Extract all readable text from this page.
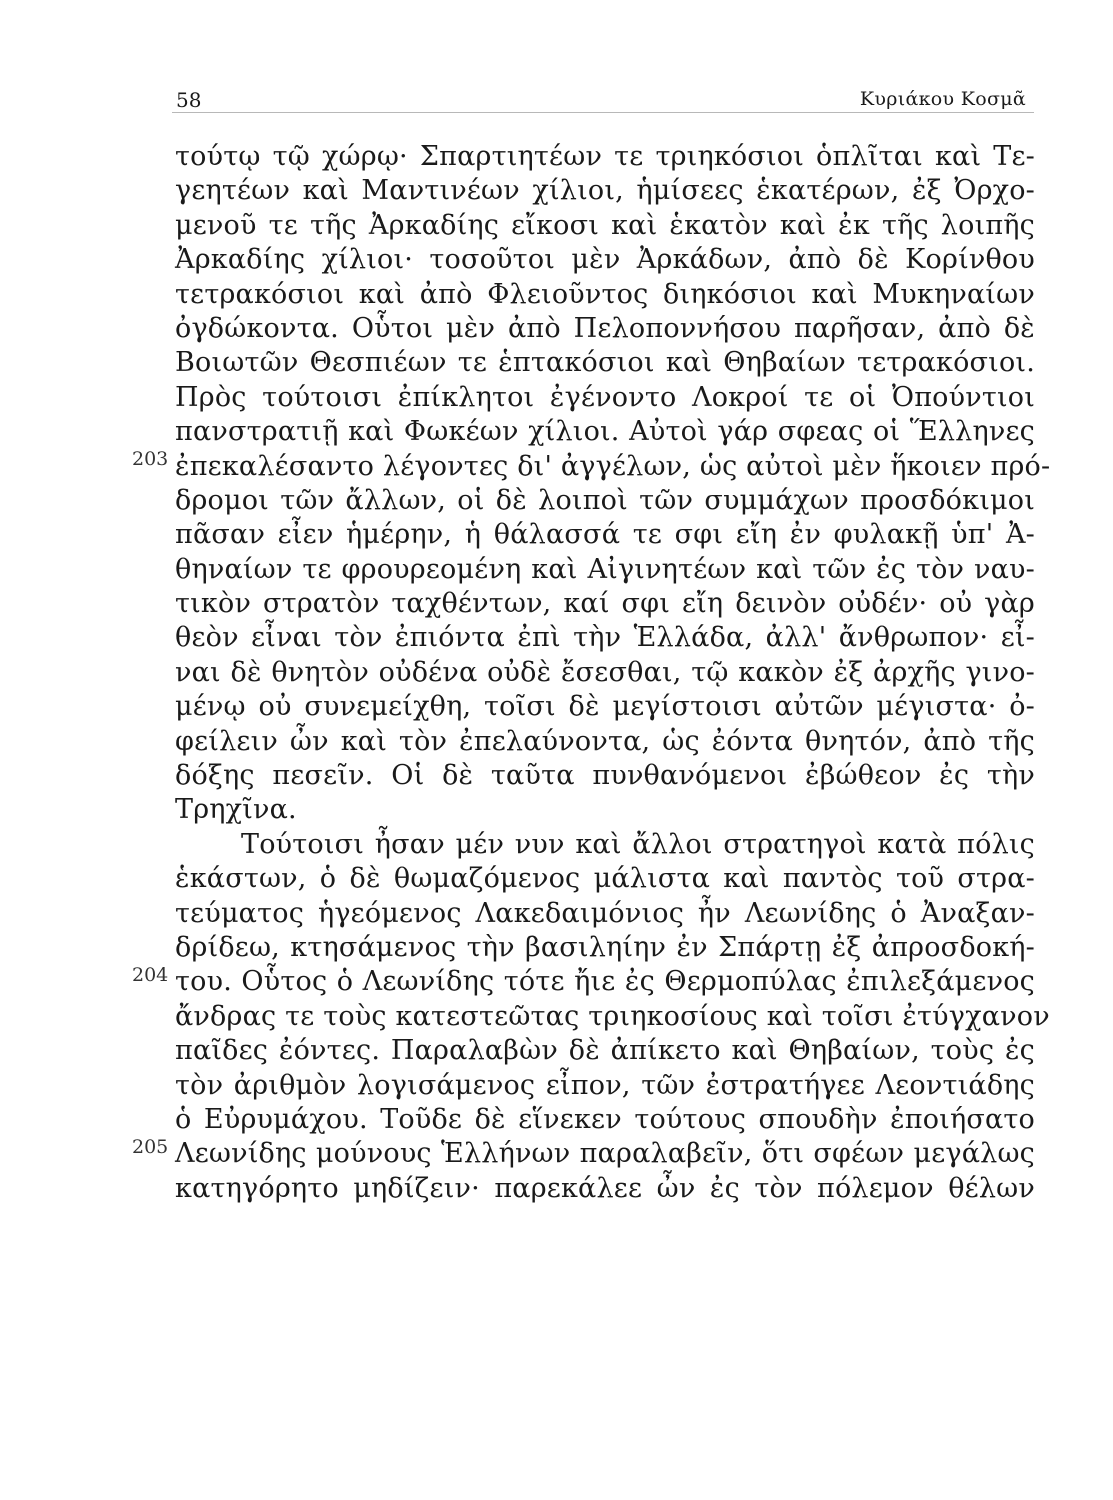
58	Κυριάκου Κοσμᾶ
203
204
205
τούτῳ τῷ χώρῳ· Σπαρτιητέων τε τριηκόσιοι ὁπλῖται καὶ Τε-
γεητέων καὶ Μαντινέων χίλιοι, ἡμίσεες ἑκατέρων, ἐξ Ὀρχο-
μενοῦ τε τῆς Ἀρκαδίης εἴκοσι καὶ ἑκατὸν καὶ ἐκ τῆς λοιπῆς
Ἀρκαδίης χίλιοι· τοσοῦτοι μὲν Ἀρκάδων, ἀπὸ δὲ Κορίνθου
τετρακόσιοι καὶ ἀπὸ Φλειοῦντος διηκόσιοι καὶ Μυκηναίων
ὀγδώκοντα. Οὗτοι μὲν ἀπὸ Πελοποννήσου παρῆσαν, ἀπὸ δὲ
Βοιωτῶν Θεσπιέων τε ἑπτακόσιοι καὶ Θηβαίων τετρακόσιοι.
Πρὸς τούτοισι ἐπίκλητοι ἐγένοντο Λοκροί τε οἱ Ὀπούντιοι
πανστρατιῇ καὶ Φωκέων χίλιοι. Αὐτοὶ γάρ σφεας οἱ Ἕλληνες
ἐπεκαλέσαντο λέγοντες δι' ἀγγέλων, ὡς αὐτοὶ μὲν ἥκοιεν πρό-
δρομοι τῶν ἄλλων, οἱ δὲ λοιποὶ τῶν συμμάχων προσδόκιμοι
πᾶσαν εἶεν ἡμέρην, ἡ θάλασσά τε σφι εἴη ἐν φυλακῇ ὑπ' Ἀ-
θηναίων τε φρουρεομένη καὶ Αἰγινητέων καὶ τῶν ἐς τὸν ναυ-
τικὸν στρατὸν ταχθέντων, καί σφι εἴη δεινὸν οὐδέν· οὐ γὰρ
θεὸν εἶναι τὸν ἐπιόντα ἐπὶ τὴν Ἑλλάδα, ἀλλ' ἄνθρωπον· εἶ-
ναι δὲ θνητὸν οὐδένα οὐδὲ ἔσεσθαι, τῷ κακὸν ἐξ ἀρχῆς γινο-
μένῳ οὐ συνεμείχθη, τοῖσι δὲ μεγίστοισι αὐτῶν μέγιστα· ὀ-
φείλειν ὦν καὶ τὸν ἐπελαύνοντα, ὡς ἐόντα θνητόν, ἀπὸ τῆς
δόξης πεσεῖν. Οἱ δὲ ταῦτα πυνθανόμενοι ἐβώθεον ἐς τὴν
Τρηχῖνα.
Τούτοισι ἦσαν μέν νυν καὶ ἄλλοι στρατηγοὶ κατὰ πόλις
ἑκάστων, ὁ δὲ θωμαζόμενος μάλιστα καὶ παντὸς τοῦ στρα-
τεύματος ἡγεόμενος Λακεδαιμόνιος ἦν Λεωνίδης ὁ Ἀναξαν-
δρίδεω, κτησάμενος τὴν βασιληίην ἐν Σπάρτῃ ἐξ ἀπροσδοκή-
του. Οὗτος ὁ Λεωνίδης τότε ἤιε ἐς Θερμοπύλας ἐπιλεξάμενος
ἄνδρας τε τοὺς κατεστεῶτας τριηκοσίους καὶ τοῖσι ἐτύγχανον
παῖδες ἐόντες. Παραλαβὼν δὲ ἀπίκετο καὶ Θηβαίων, τοὺς ἐς
τὸν ἀριθμὸν λογισάμενος εἶπον, τῶν ἐστρατήγεε Λεοντιάδης
ὁ Εὐρυμάχου. Τοῦδε δὲ εἵνεκεν τούτους σπουδὴν ἐποιήσατο
Λεωνίδης μούνους Ἑλλήνων παραλαβεῖν, ὅτι σφέων μεγάλως
κατηγόρητο μηδίζειν· παρεκάλεε ὦν ἐς τὸν πόλεμον θέλων
